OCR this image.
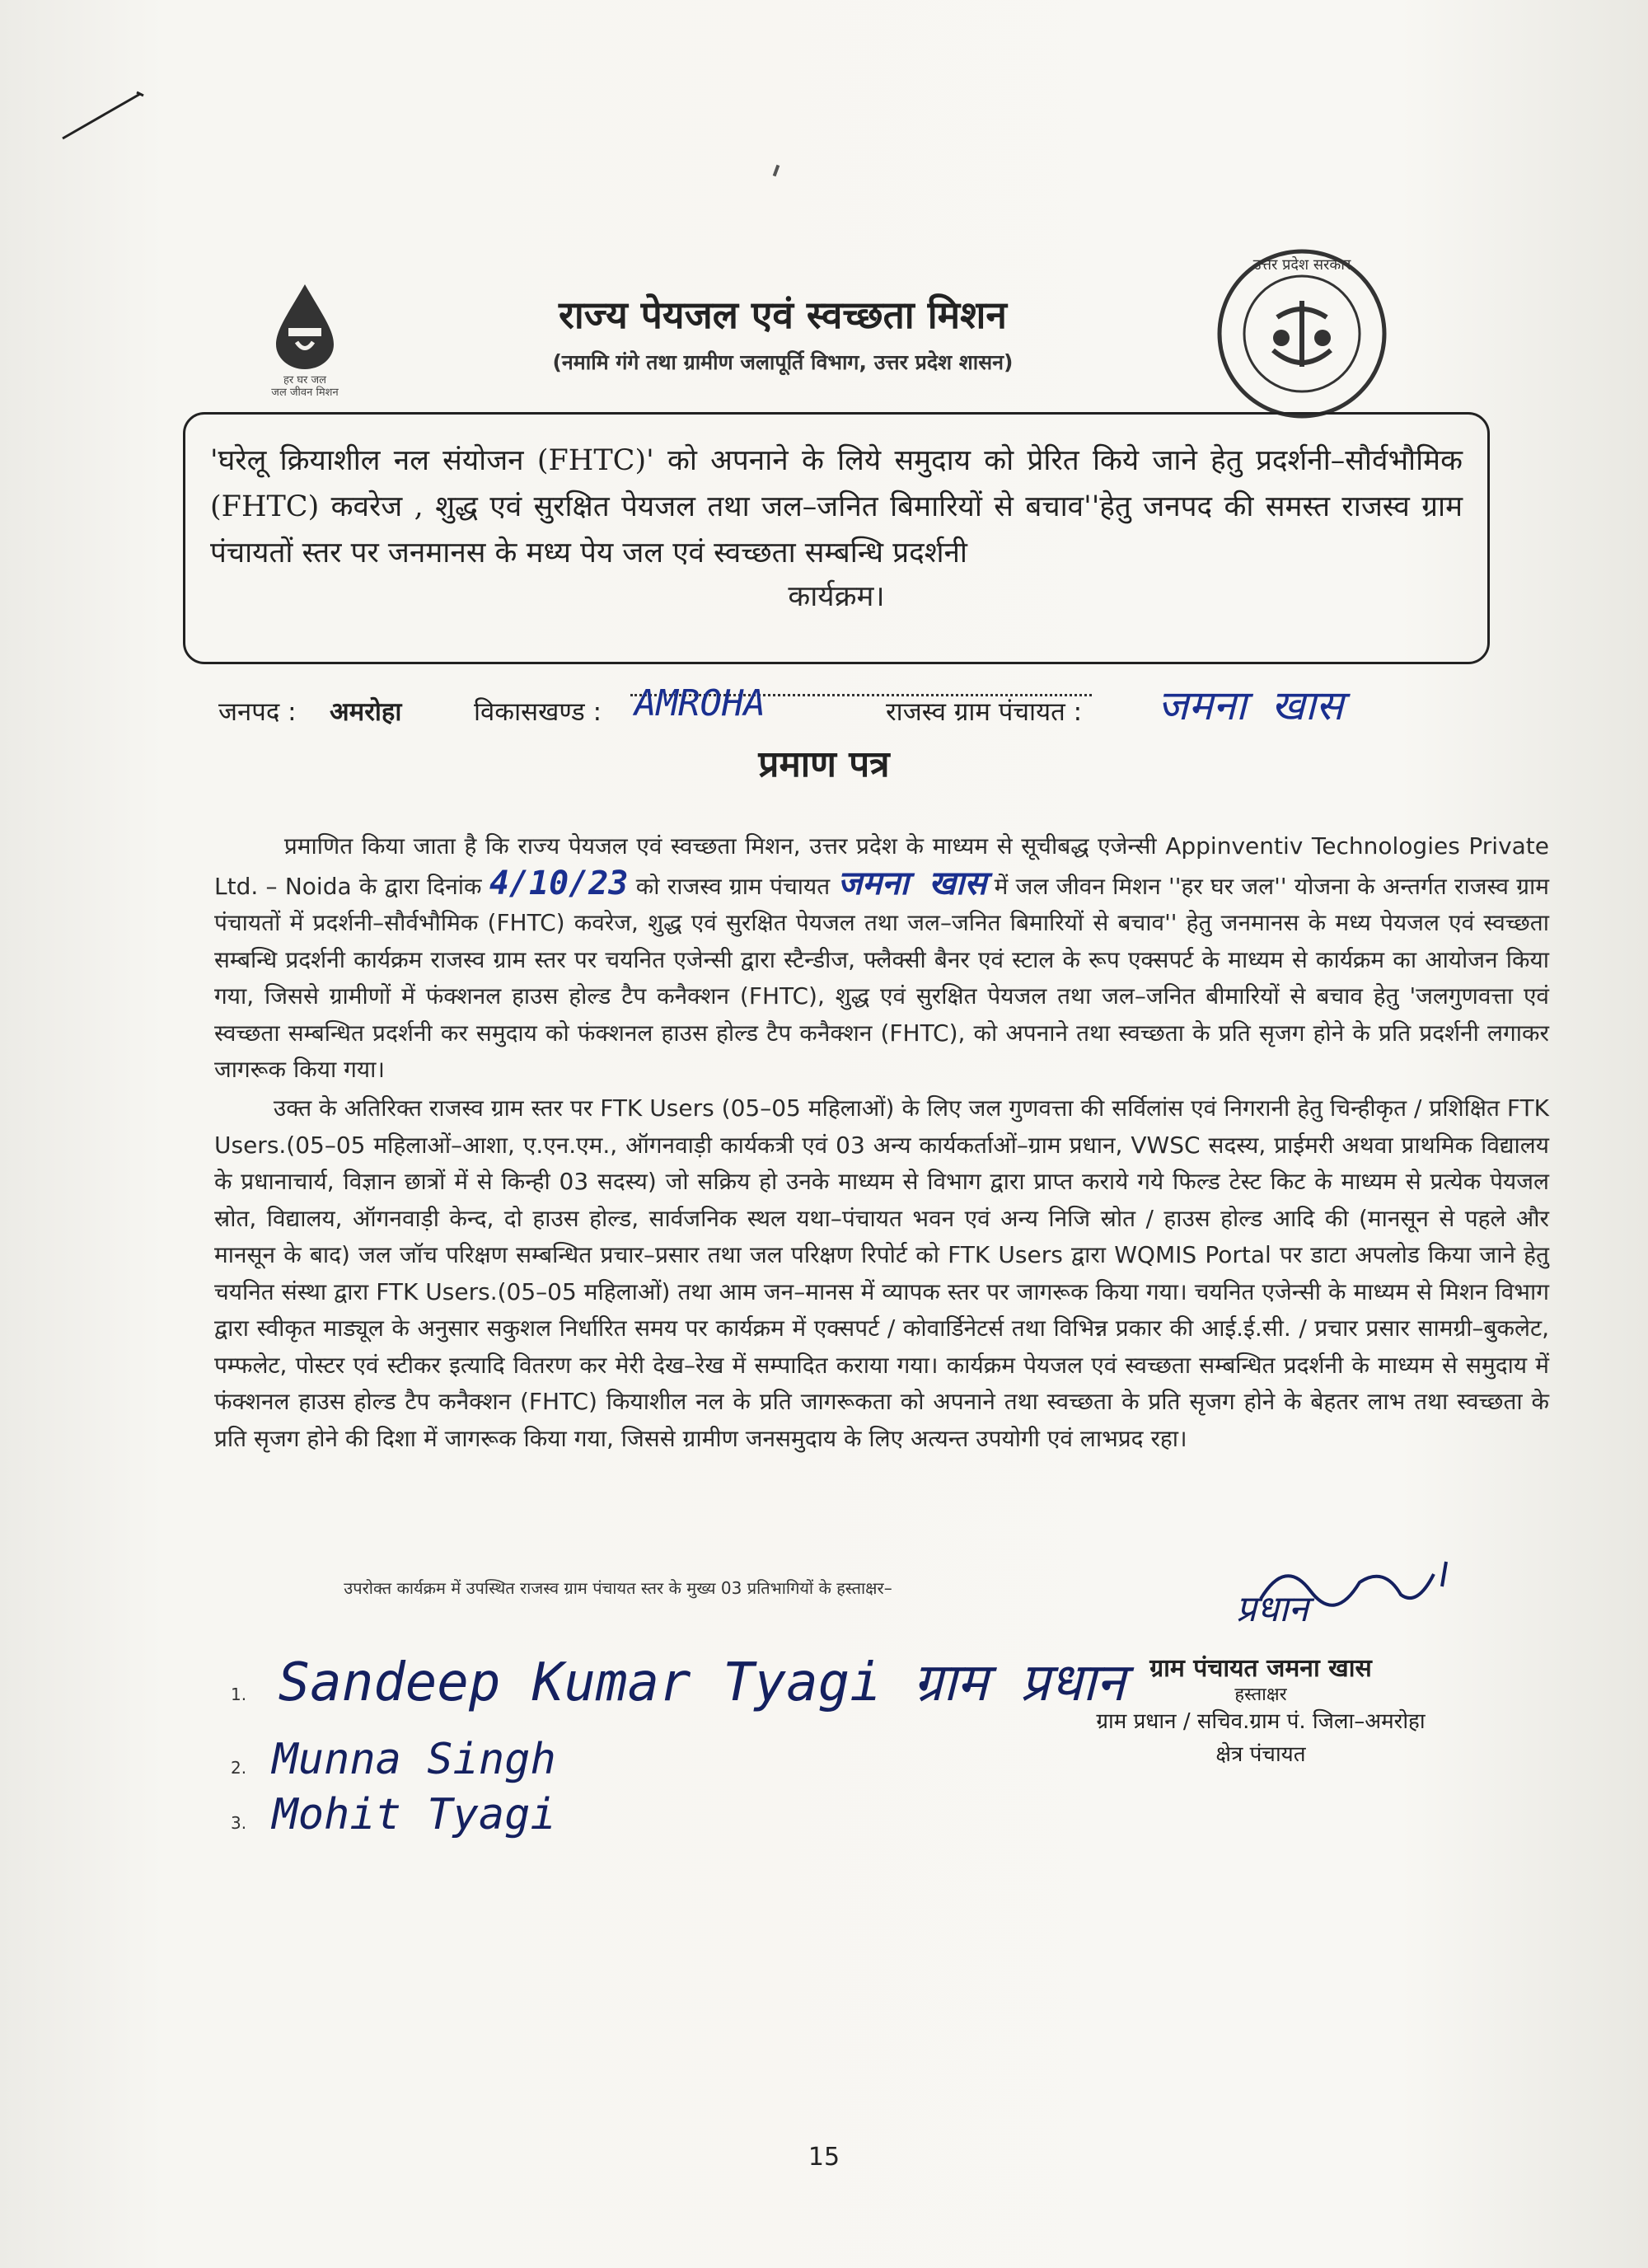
हर घर जल
जल जीवन मिशन
उत्तर प्रदेश सरकार
राज्य पेयजल एवं स्वच्छता मिशन
(नमामि गंगे तथा ग्रामीण जलापूर्ति विभाग, उत्तर प्रदेश शासन)
'घरेलू क्रियाशील नल संयोजन (FHTC)' को अपनाने के लिये समुदाय को प्रेरित किये जाने हेतु प्रदर्शनी–सौर्वभौमिक (FHTC) कवरेज , शुद्ध एवं सुरक्षित पेयजल तथा जल–जनित बिमारियों से बचाव''हेतु जनपद की समस्त राजस्व ग्राम पंचायतों स्तर पर जनमानस के मध्य पेय जल एवं स्वच्छता सम्बन्धि प्रदर्शनी
कार्यक्रम।
जनपद : अमरोहा	विकासखण्ड : AMROHA	राजस्व ग्राम पंचायत : जमना खास
प्रमाण पत्र
प्रमाणित किया जाता है कि राज्य पेयजल एवं स्वच्छता मिशन, उत्तर प्रदेश के माध्यम से सूचीबद्ध एजेन्सी Appinventiv Technologies Private Ltd. – Noida के द्वारा दिनांक 4/10/23 को राजस्व ग्राम पंचायत जमना खास में जल जीवन मिशन ''हर घर जल'' योजना के अन्तर्गत राजस्व ग्राम पंचायतों में प्रदर्शनी–सौर्वभौमिक (FHTC) कवरेज, शुद्ध एवं सुरक्षित पेयजल तथा जल–जनित बिमारियों से बचाव'' हेतु जनमानस के मध्य पेयजल एवं स्वच्छता सम्बन्धि प्रदर्शनी कार्यक्रम राजस्व ग्राम स्तर पर चयनित एजेन्सी द्वारा स्टैन्डीज, फ्लैक्सी बैनर एवं स्टाल के रूप एक्सपर्ट के माध्यम से कार्यक्रम का आयोजन किया गया, जिससे ग्रामीणों में फंक्शनल हाउस होल्ड टैप कनैक्शन (FHTC), शुद्ध एवं सुरक्षित पेयजल तथा जल–जनित बीमारियों से बचाव हेतु 'जलगुणवत्ता एवं स्वच्छता सम्बन्धित प्रदर्शनी कर समुदाय को फंक्शनल हाउस होल्ड टैप कनैक्शन (FHTC), को अपनाने तथा स्वच्छता के प्रति सृजग होने के प्रति प्रदर्शनी लगाकर जागरूक किया गया।
उक्त के अतिरिक्त राजस्व ग्राम स्तर पर FTK Users (05–05 महिलाओं) के लिए जल गुणवत्ता की सर्विलांस एवं निगरानी हेतु चिन्हीकृत / प्रशिक्षित FTK Users.(05–05 महिलाओं–आशा, ए.एन.एम., ऑगनवाड़ी कार्यकत्री एवं 03 अन्य कार्यकर्ताओं–ग्राम प्रधान, VWSC सदस्य, प्राईमरी अथवा प्राथमिक विद्यालय के प्रधानाचार्य, विज्ञान छात्रों में से किन्ही 03 सदस्य) जो सक्रिय हो उनके माध्यम से विभाग द्वारा प्राप्त कराये गये फिल्ड टेस्ट किट के माध्यम से प्रत्येक पेयजल स्रोत, विद्यालय, ऑगनवाड़ी केन्द, दो हाउस होल्ड, सार्वजनिक स्थल यथा–पंचायत भवन एवं अन्य निजि स्रोत / हाउस होल्ड आदि की (मानसून से पहले और मानसून के बाद) जल जॉच परिक्षण सम्बन्धित प्रचार–प्रसार तथा जल परिक्षण रिपोर्ट को FTK Users द्वारा WQMIS Portal पर डाटा अपलोड किया जाने हेतु चयनित संस्था द्वारा FTK Users.(05–05 महिलाओं) तथा आम जन–मानस में व्यापक स्तर पर जागरूक किया गया। चयनित एजेन्सी के माध्यम से मिशन विभाग द्वारा स्वीकृत माड्यूल के अनुसार सकुशल निर्धारित समय पर कार्यक्रम में एक्सपर्ट / कोवार्डिनेटर्स तथा विभिन्न प्रकार की आई.ई.सी. / प्रचार प्रसार सामग्री–बुकलेट, पम्फलेट, पोस्टर एवं स्टीकर इत्यादि वितरण कर मेरी देख–रेख में सम्पादित कराया गया। कार्यक्रम पेयजल एवं स्वच्छता सम्बन्धित प्रदर्शनी के माध्यम से समुदाय में फंक्शनल हाउस होल्ड टैप कनैक्शन (FHTC) कियाशील नल के प्रति जागरूकता को अपनाने तथा स्वच्छता के प्रति सृजग होने के बेहतर लाभ तथा स्वच्छता के प्रति सृजग होने की दिशा में जागरूक किया गया, जिससे ग्रामीण जनसमुदाय के लिए अत्यन्त उपयोगी एवं लाभप्रद रहा।
उपरोक्त कार्यक्रम में उपस्थित राजस्व ग्राम पंचायत स्तर के मुख्य 03 प्रतिभागियों के हस्ताक्षर–
1. Sandeep Kumar Tyagi ग्राम प्रधान
2. Munna Singh
3. Mohit Tyagi
प्रधान
ग्राम पंचायत जमना खास
हस्ताक्षर
ग्राम प्रधान / सचिव.ग्राम पं. जिला–अमरोहा
क्षेत्र पंचायत
15
